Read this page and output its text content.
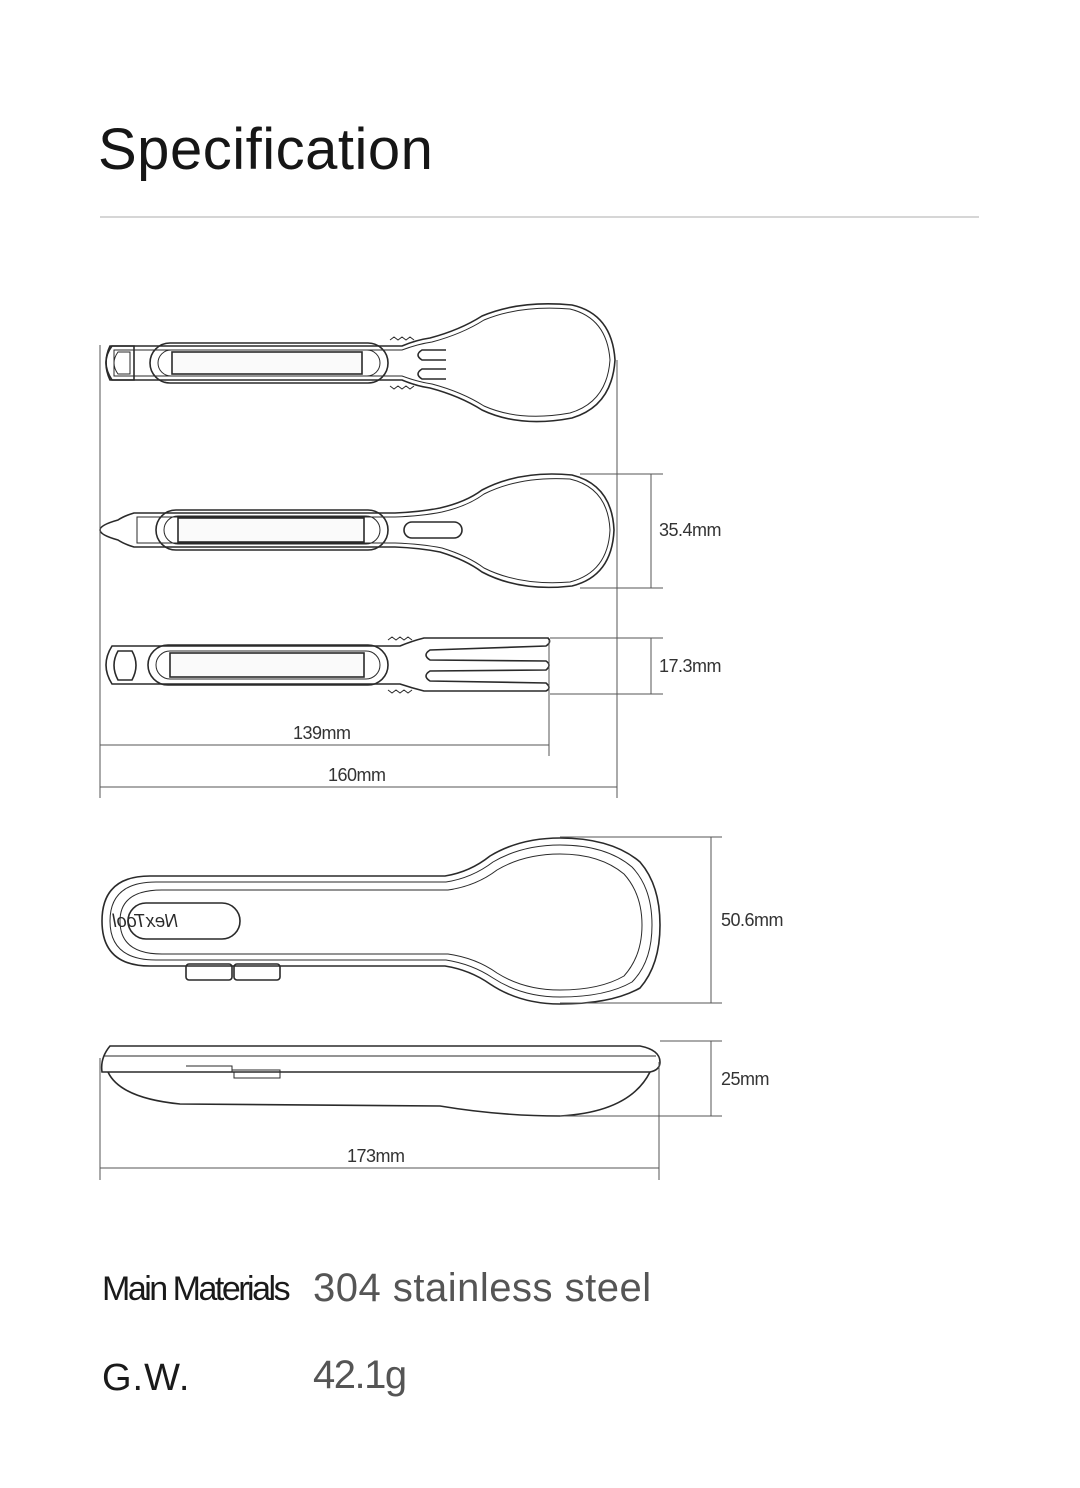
Specification
NexTool
35.4mm
17.3mm
139mm
160mm
50.6mm
25mm
173mm
Main Materials 304 stainless steel
G.W.	42.1g
